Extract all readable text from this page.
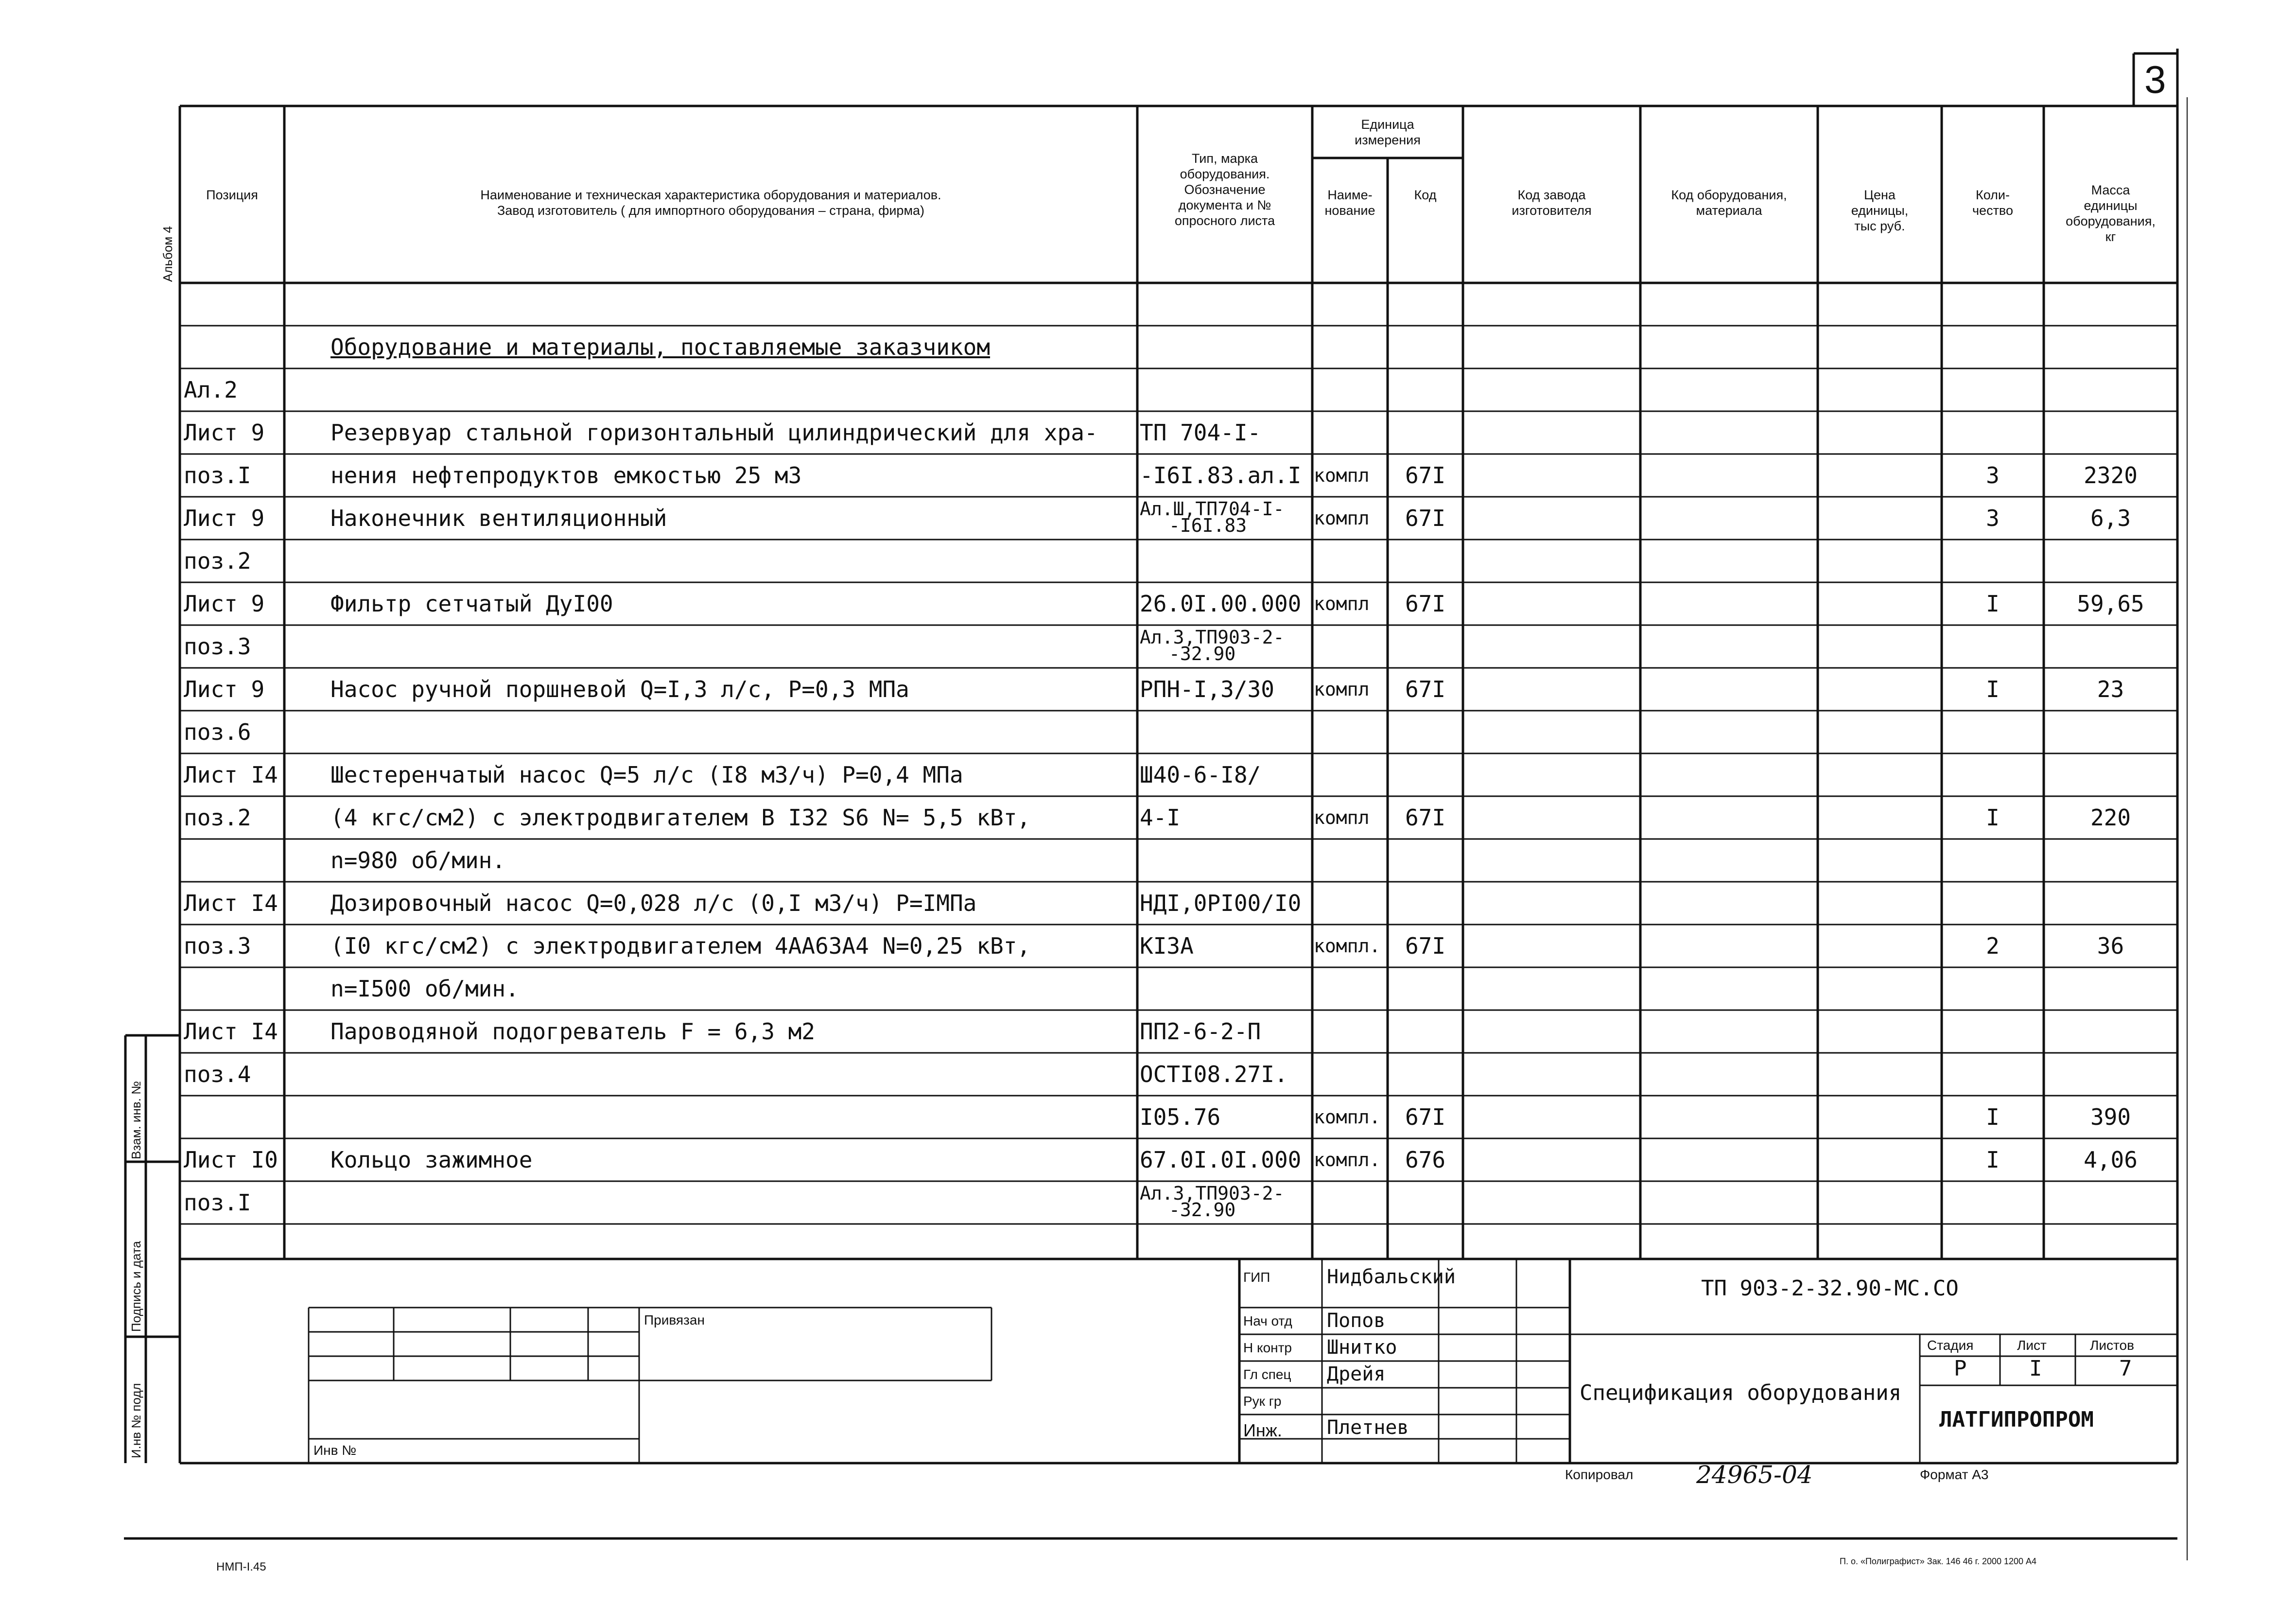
3
Альбом 4
Взам. инв. №
Подпись и дата
И.нв № подл
Позиция	Наименование и техническая характеристика оборудования и материалов.
Завод изготовитель ( для импортного оборудования – страна, фирма)
Тип, марка
оборудования.
Обозначение
документа и №
опросного листа
Единица
измерения
Наиме-
нование
Код	Код завода
изготовителя
Код оборудования,
материала
Цена
единицы,
тыс руб.
Коли-
чество
Масса
единицы
оборудования,
кг
Оборудование и материалы, поставляемые заказчиком
Ал.2
Лист 9	Резервуар стальной горизонтальный цилиндрический для хра-	ТП 704-I-
поз.I	нения нефтепродуктов емкостью 25 м3	-I6I.83.ал.I компл	67I	3	2320
Лист 9	Наконечник вентиляционный	Ал.Ш,ТП704-I-
-I6I.83	компл	67I	3	6,3
поз.2
Лист 9	Фильтр сетчатый ДуI00	26.0I.00.000 компл	67I	I	59,65
поз.3	Ал.3,ТП903-2-
-32.90
Лист 9	Насос ручной поршневой Q=I,3 л/с, P=0,3 МПа	РПН-I,3/30	компл	67I	I	23
поз.6
Лист I4 Шестеренчатый насос Q=5 л/с (I8 м3/ч) P=0,4 МПа	Ш40-6-I8/
поз.2	(4 кгс/см2) с электродвигателем В I32 S6 N= 5,5 кВт,	4-I	компл	67I	I	220
n=980 об/мин.
Лист I4 Дозировочный насос Q=0,028 л/с (0,I м3/ч) P=IМПа	НДI,0РI00/I0
поз.3	(I0 кгс/см2) с электродвигателем 4АА63А4 N=0,25 кВт,	КI3А	компл.	67I	2	36
n=I500 об/мин.
Лист I4 Пароводяной подогреватель F = 6,3 м2	ПП2-6-2-П
поз.4	ОСТI08.27I.
I05.76	компл.	67I	I	390
Лист I0 Кольцо зажимное	67.0I.0I.000 компл.	676	I	4,06
поз.I	Ал.3,ТП903-2-
-32.90
Привязан
Инв №
ТП 903-2-32.90-МС.СО
ГИП	Нидбальский
Нач отд Попов
Н контр Шнитко
Гл спец Дрейя
Рук гр
Инж. Плетнев
Спецификация оборудования
Стадия	Лист	Листов
Р	I	7
ЛАТГИПРОПРОМ
Копировал	24965-04	Формат А3
НМП-I.45	П. о. «Полиграфист» Зак. 146 46 г. 2000 1200 А4
